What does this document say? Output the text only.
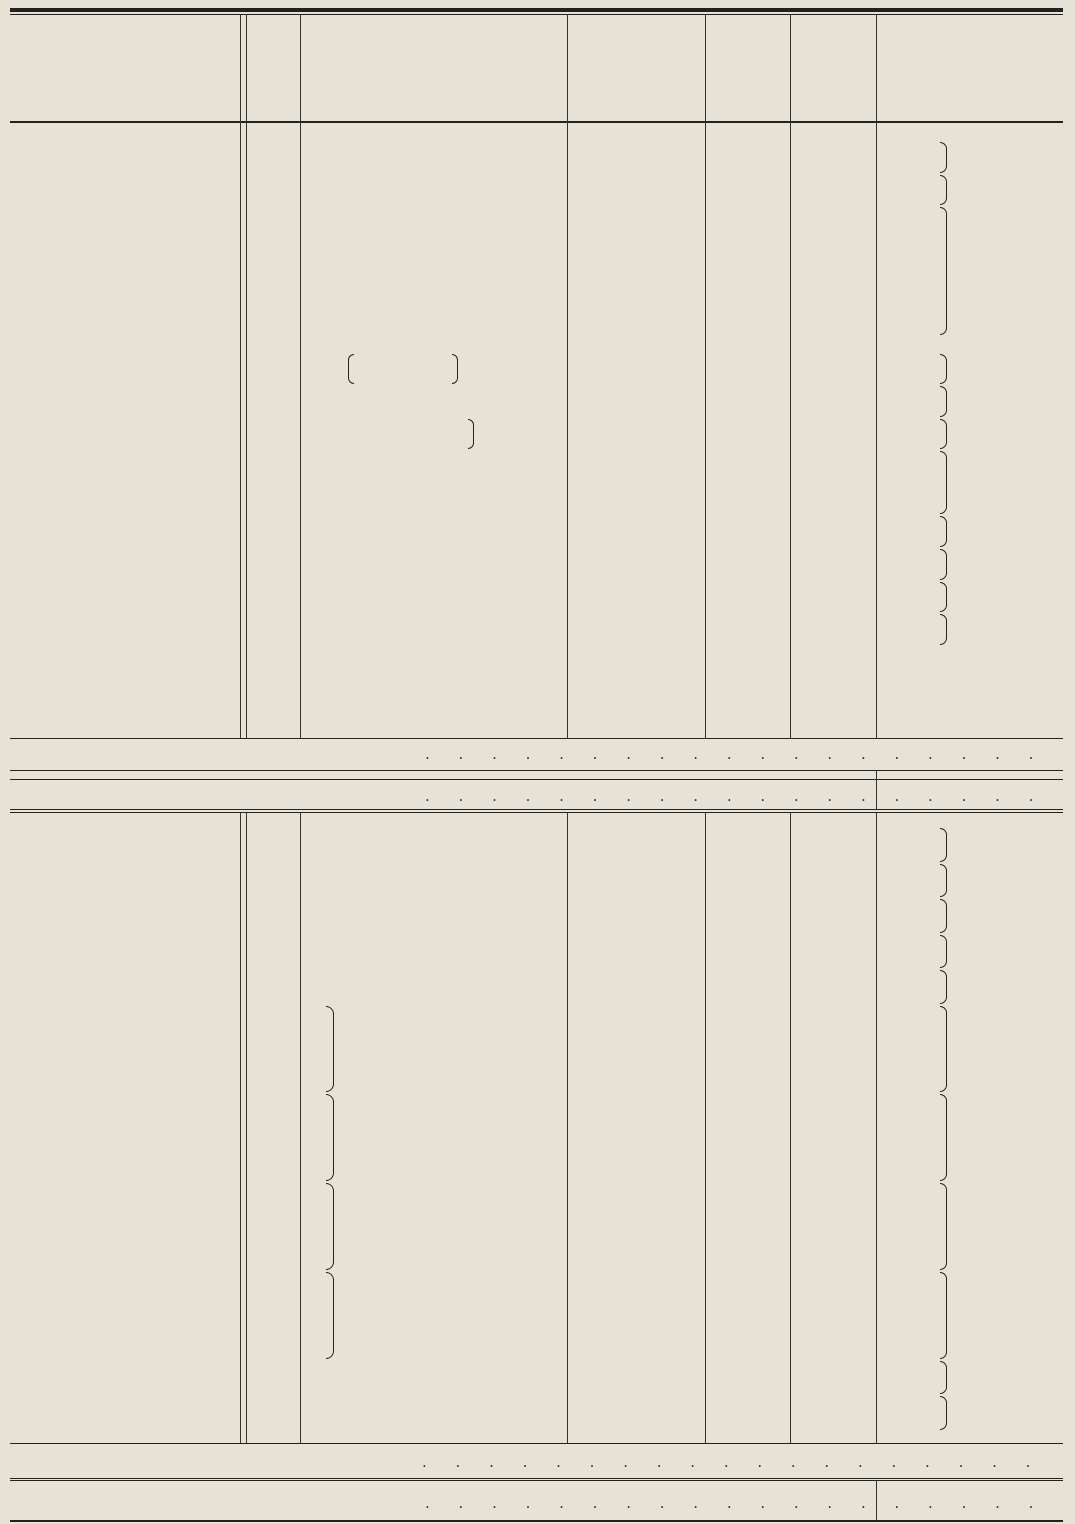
. . . . . . . . . . . . . . . . . . .
. . . . . . . . . . . . . . . . . . .
. . . . . . . . . . . . . . . . . . .
. . . . . . . . . . . . . . . . . . .
